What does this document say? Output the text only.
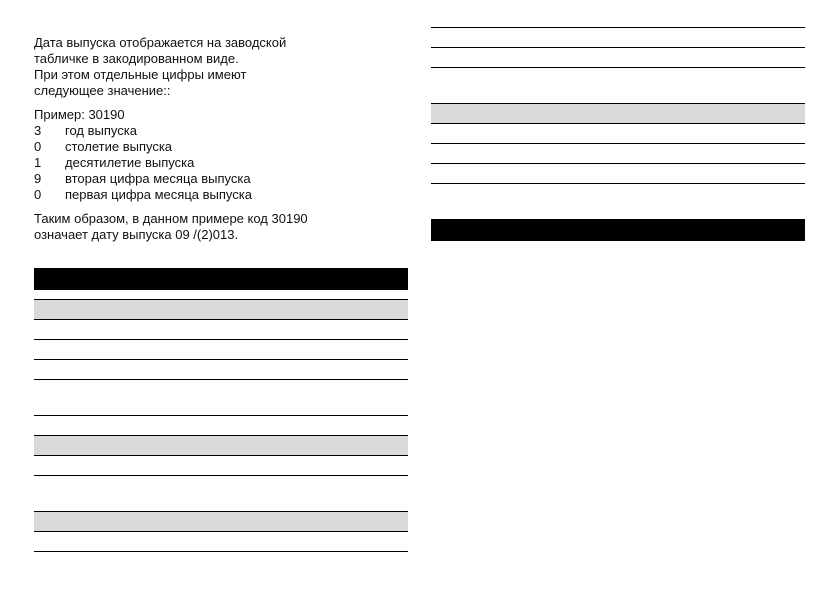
Дата выпуска отображается на заводской

табличке в закодированном виде.

При этом отдельные цифры имеют

следующее значение::

Пример: 30190

3 год выпуска
0 столетие выпуска
1 десятилетие выпуска
9 вторая цифра месяца выпуска
0 первая цифра месяца выпуска

Таким образом, в данном примере код 30190

означает дату выпуска 09 /(2)013.
